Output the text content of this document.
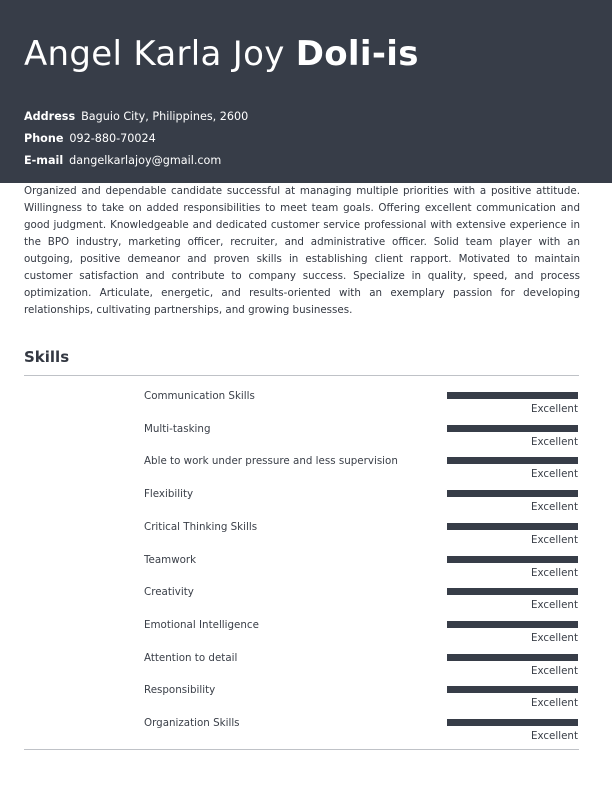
Angel Karla Joy Doli-is
Address Baguio City, Philippines, 2600
Phone 092-880-70024
E-mail dangelkarlajoy@gmail.com

Organized and dependable candidate successful at managing multiple priorities with a positive attitude. Willingness to take on added responsibilities to meet team goals. Offering excellent communication and good judgment. Knowledgeable and dedicated customer service professional with extensive experience in the BPO industry, marketing officer, recruiter, and administrative officer. Solid team player with an outgoing, positive demeanor and proven skills in establishing client rapport. Motivated to maintain customer satisfaction and contribute to company success. Specialize in quality, speed, and process optimization. Articulate, energetic, and results-oriented with an exemplary passion for developing relationships, cultivating partnerships, and growing businesses.

Skills
Communication Skills
Excellent
Multi-tasking
Excellent
Able to work under pressure and less supervision
Excellent
Flexibility
Excellent
Critical Thinking Skills
Excellent
Teamwork
Excellent
Creativity
Excellent
Emotional Intelligence
Excellent
Attention to detail
Excellent
Responsibility
Excellent
Organization Skills
Excellent
